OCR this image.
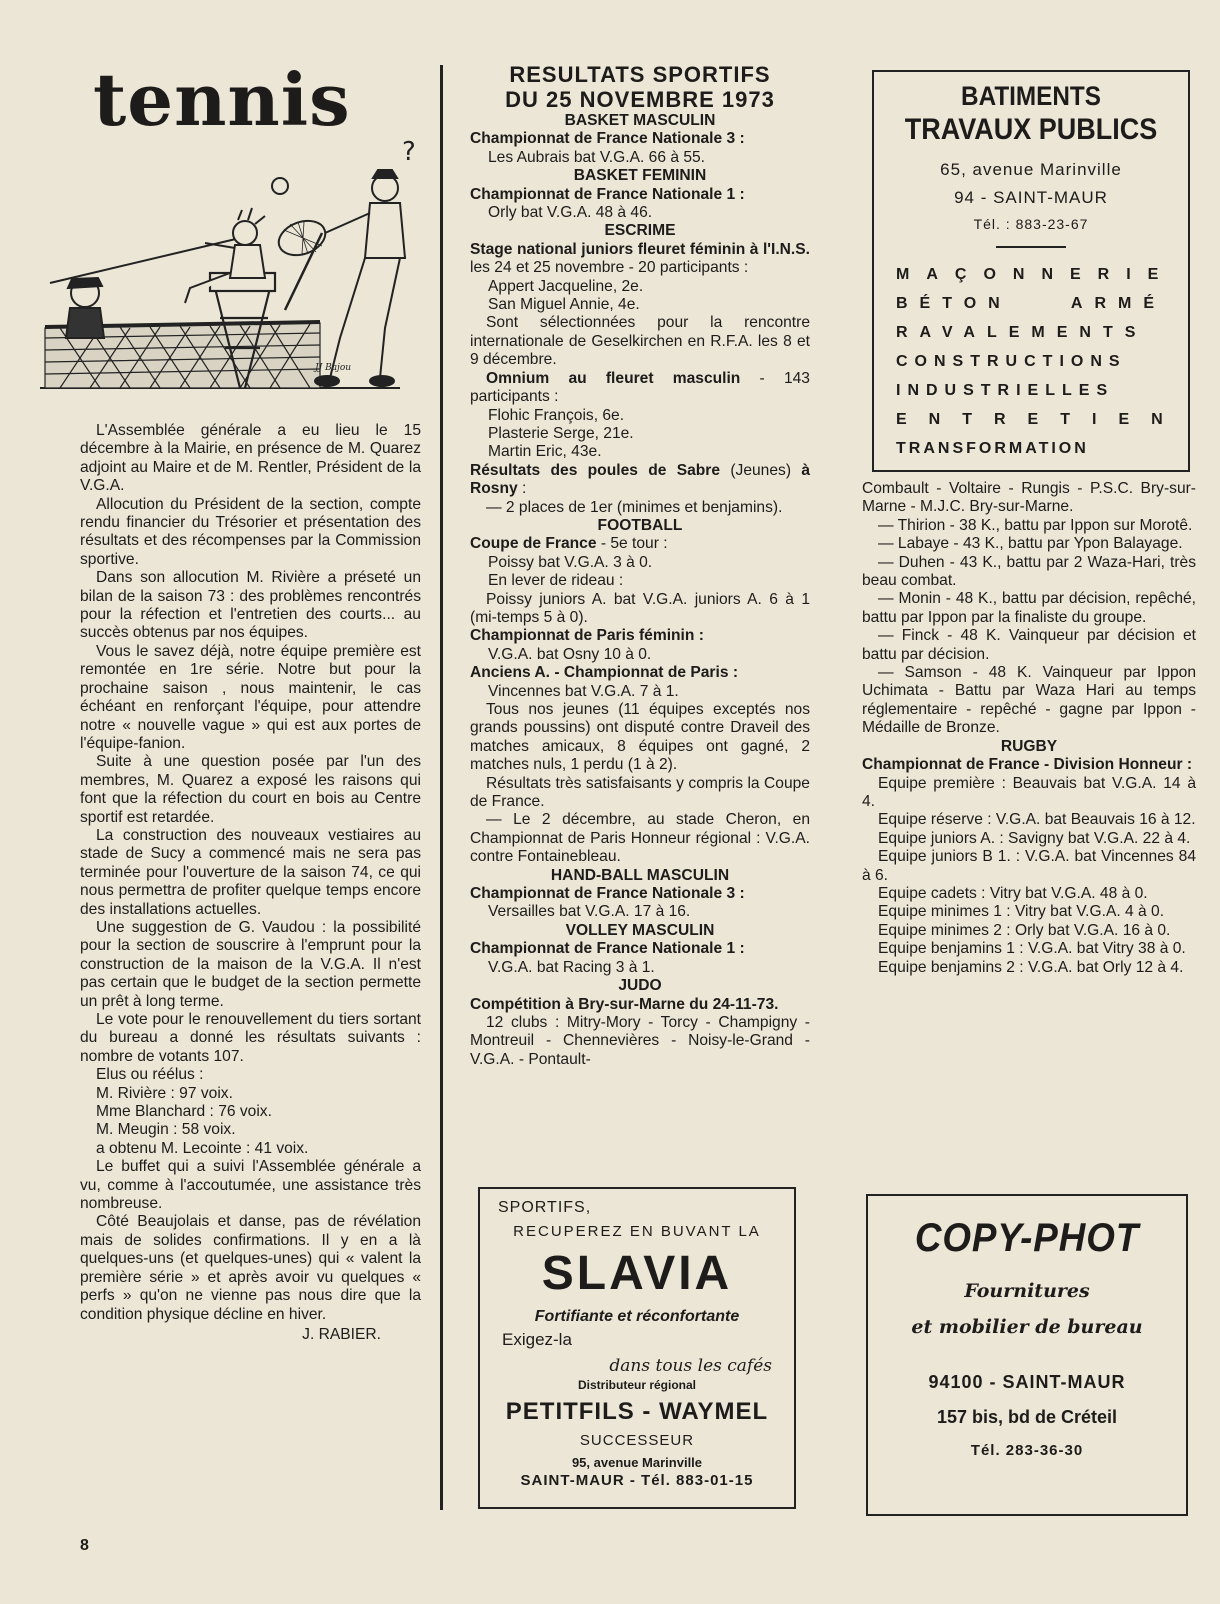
tennis
?
JJ Bajou

L'Assemblée générale a eu lieu le 15 décembre à la Mairie, en présence de M. Quarez adjoint au Maire et de M. Rentler, Président de la V.G.A.

Allocution du Président de la section, compte rendu financier du Trésorier et présentation des résultats et des récompenses par la Commission sportive.

Dans son allocution M. Rivière a préseté un bilan de la saison 73 : des problèmes rencontrés pour la réfection et l'entretien des courts... au succès obtenus par nos équipes.

Vous le savez déjà, notre équipe première est remontée en 1re série. Notre but pour la prochaine saison , nous maintenir, le cas échéant en renforçant l'équipe, pour attendre notre « nouvelle vague » qui est aux portes de l'équipe-fanion.

Suite à une question posée par l'un des membres, M. Quarez a exposé les raisons qui font que la réfection du court en bois au Centre sportif est retardée.

La construction des nouveaux vestiaires au stade de Sucy a commencé mais ne sera pas terminée pour l'ouverture de la saison 74, ce qui nous permettra de profiter quelque temps encore des installations actuelles.

Une suggestion de G. Vaudou : la possibilité pour la section de souscrire à l'emprunt pour la construction de la maison de la V.G.A. Il n'est pas certain que le budget de la section permette un prêt à long terme.

Le vote pour le renouvellement du tiers sortant du bureau a donné les résultats suivants : nombre de votants 107.

Elus ou réélus :

M. Rivière : 97 voix.

Mme Blanchard : 76 voix.

M. Meugin : 58 voix.

a obtenu M. Lecointe : 41 voix.

Le buffet qui a suivi l'Assemblée générale a vu, comme à l'accoutumée, une assistance très nombreuse.

Côté Beaujolais et danse, pas de révélation mais de solides confirmations. Il y en a là quelques-uns (et quelques-unes) qui « valent la première série » et après avoir vu quelques « perfs » qu'on ne vienne pas nous dire que la condition physique décline en hiver.

J. RABIER.

8
RESULTATS SPORTIFS
DU 25 NOVEMBRE 1973

BASKET MASCULIN

Championnat de France Nationale 3 :

Les Aubrais bat V.G.A. 66 à 55.

BASKET FEMININ

Championnat de France Nationale 1 :

Orly bat V.G.A. 48 à 46.

ESCRIME

Stage national juniors fleuret féminin à l'I.N.S. les 24 et 25 novembre - 20 participants :

Appert Jacqueline, 2e.

San Miguel Annie, 4e.

Sont sélectionnées pour la rencontre internationale de Geselkirchen en R.F.A. les 8 et 9 décembre.

Omnium au fleuret masculin - 143 participants :

Flohic François, 6e.

Plasterie Serge, 21e.

Martin Eric, 43e.

Résultats des poules de Sabre (Jeunes) à Rosny :

— 2 places de 1er (minimes et benjamins).

FOOTBALL

Coupe de France - 5e tour :

Poissy bat V.G.A. 3 à 0.

En lever de rideau :

Poissy juniors A. bat V.G.A. juniors A. 6 à 1 (mi-temps 5 à 0).

Championnat de Paris féminin :

V.G.A. bat Osny 10 à 0.

Anciens A. - Championnat de Paris :

Vincennes bat V.G.A. 7 à 1.

Tous nos jeunes (11 équipes exceptés nos grands poussins) ont disputé contre Draveil des matches amicaux, 8 équipes ont gagné, 2 matches nuls, 1 perdu (1 à 2).

Résultats très satisfaisants y compris la Coupe de France.

— Le 2 décembre, au stade Cheron, en Championnat de Paris Honneur régional : V.G.A. contre Fontainebleau.

HAND-BALL MASCULIN

Championnat de France Nationale 3 :

Versailles bat V.G.A. 17 à 16.

VOLLEY MASCULIN

Championnat de France Nationale 1 :

V.G.A. bat Racing 3 à 1.

JUDO

Compétition à Bry-sur-Marne du 24-11-73.

12 clubs : Mitry-Mory - Torcy - Champigny - Montreuil - Chennevières - Noisy-le-Grand - V.G.A. - Pontault-

SPORTIFS,
RECUPEREZ EN BUVANT LA
SLAVIA
Fortifiante et réconfortante
Exigez-la
dans tous les cafés
Distributeur régional
PETITFILS - WAYMEL
SUCCESSEUR
95, avenue Marinville
SAINT-MAUR - Tél. 883-01-15
BATIMENTS
TRAVAUX PUBLICS
65, avenue Marinville
94 - SAINT-MAUR
Tél. : 883-23-67
MAÇONNERIE
BÉTON ARMÉ
RAVALEMENTS
CONSTRUCTIONS
INDUSTRIELLES
ENTRETIEN
TRANSFORMATION

Combault - Voltaire - Rungis - P.S.C. Bry-sur-Marne - M.J.C. Bry-sur-Marne.

— Thirion - 38 K., battu par Ippon sur Morotê.

— Labaye - 43 K., battu par Ypon Balayage.

— Duhen - 43 K., battu par 2 Waza-Hari, très beau combat.

— Monin - 48 K., battu par décision, repêché, battu par Ippon par la finaliste du groupe.

— Finck - 48 K. Vainqueur par décision et battu par décision.

— Samson - 48 K. Vainqueur par Ippon Uchimata - Battu par Waza Hari au temps réglementaire - repêché - gagne par Ippon - Médaille de Bronze.

RUGBY

Championnat de France - Division Honneur :

Equipe première : Beauvais bat V.G.A. 14 à 4.

Equipe réserve : V.G.A. bat Beauvais 16 à 12.

Equipe juniors A. : Savigny bat V.G.A. 22 à 4.

Equipe juniors B 1. : V.G.A. bat Vincennes 84 à 6.

Equipe cadets : Vitry bat V.G.A. 48 à 0.

Equipe minimes 1 : Vitry bat V.G.A. 4 à 0.

Equipe minimes 2 : Orly bat V.G.A. 16 à 0.

Equipe benjamins 1 : V.G.A. bat Vitry 38 à 0.

Equipe benjamins 2 : V.G.A. bat Orly 12 à 4.

COPY-PHOT
Fournitures
et mobilier de bureau
94100 - SAINT-MAUR
157 bis, bd de Créteil
Tél. 283-36-30
